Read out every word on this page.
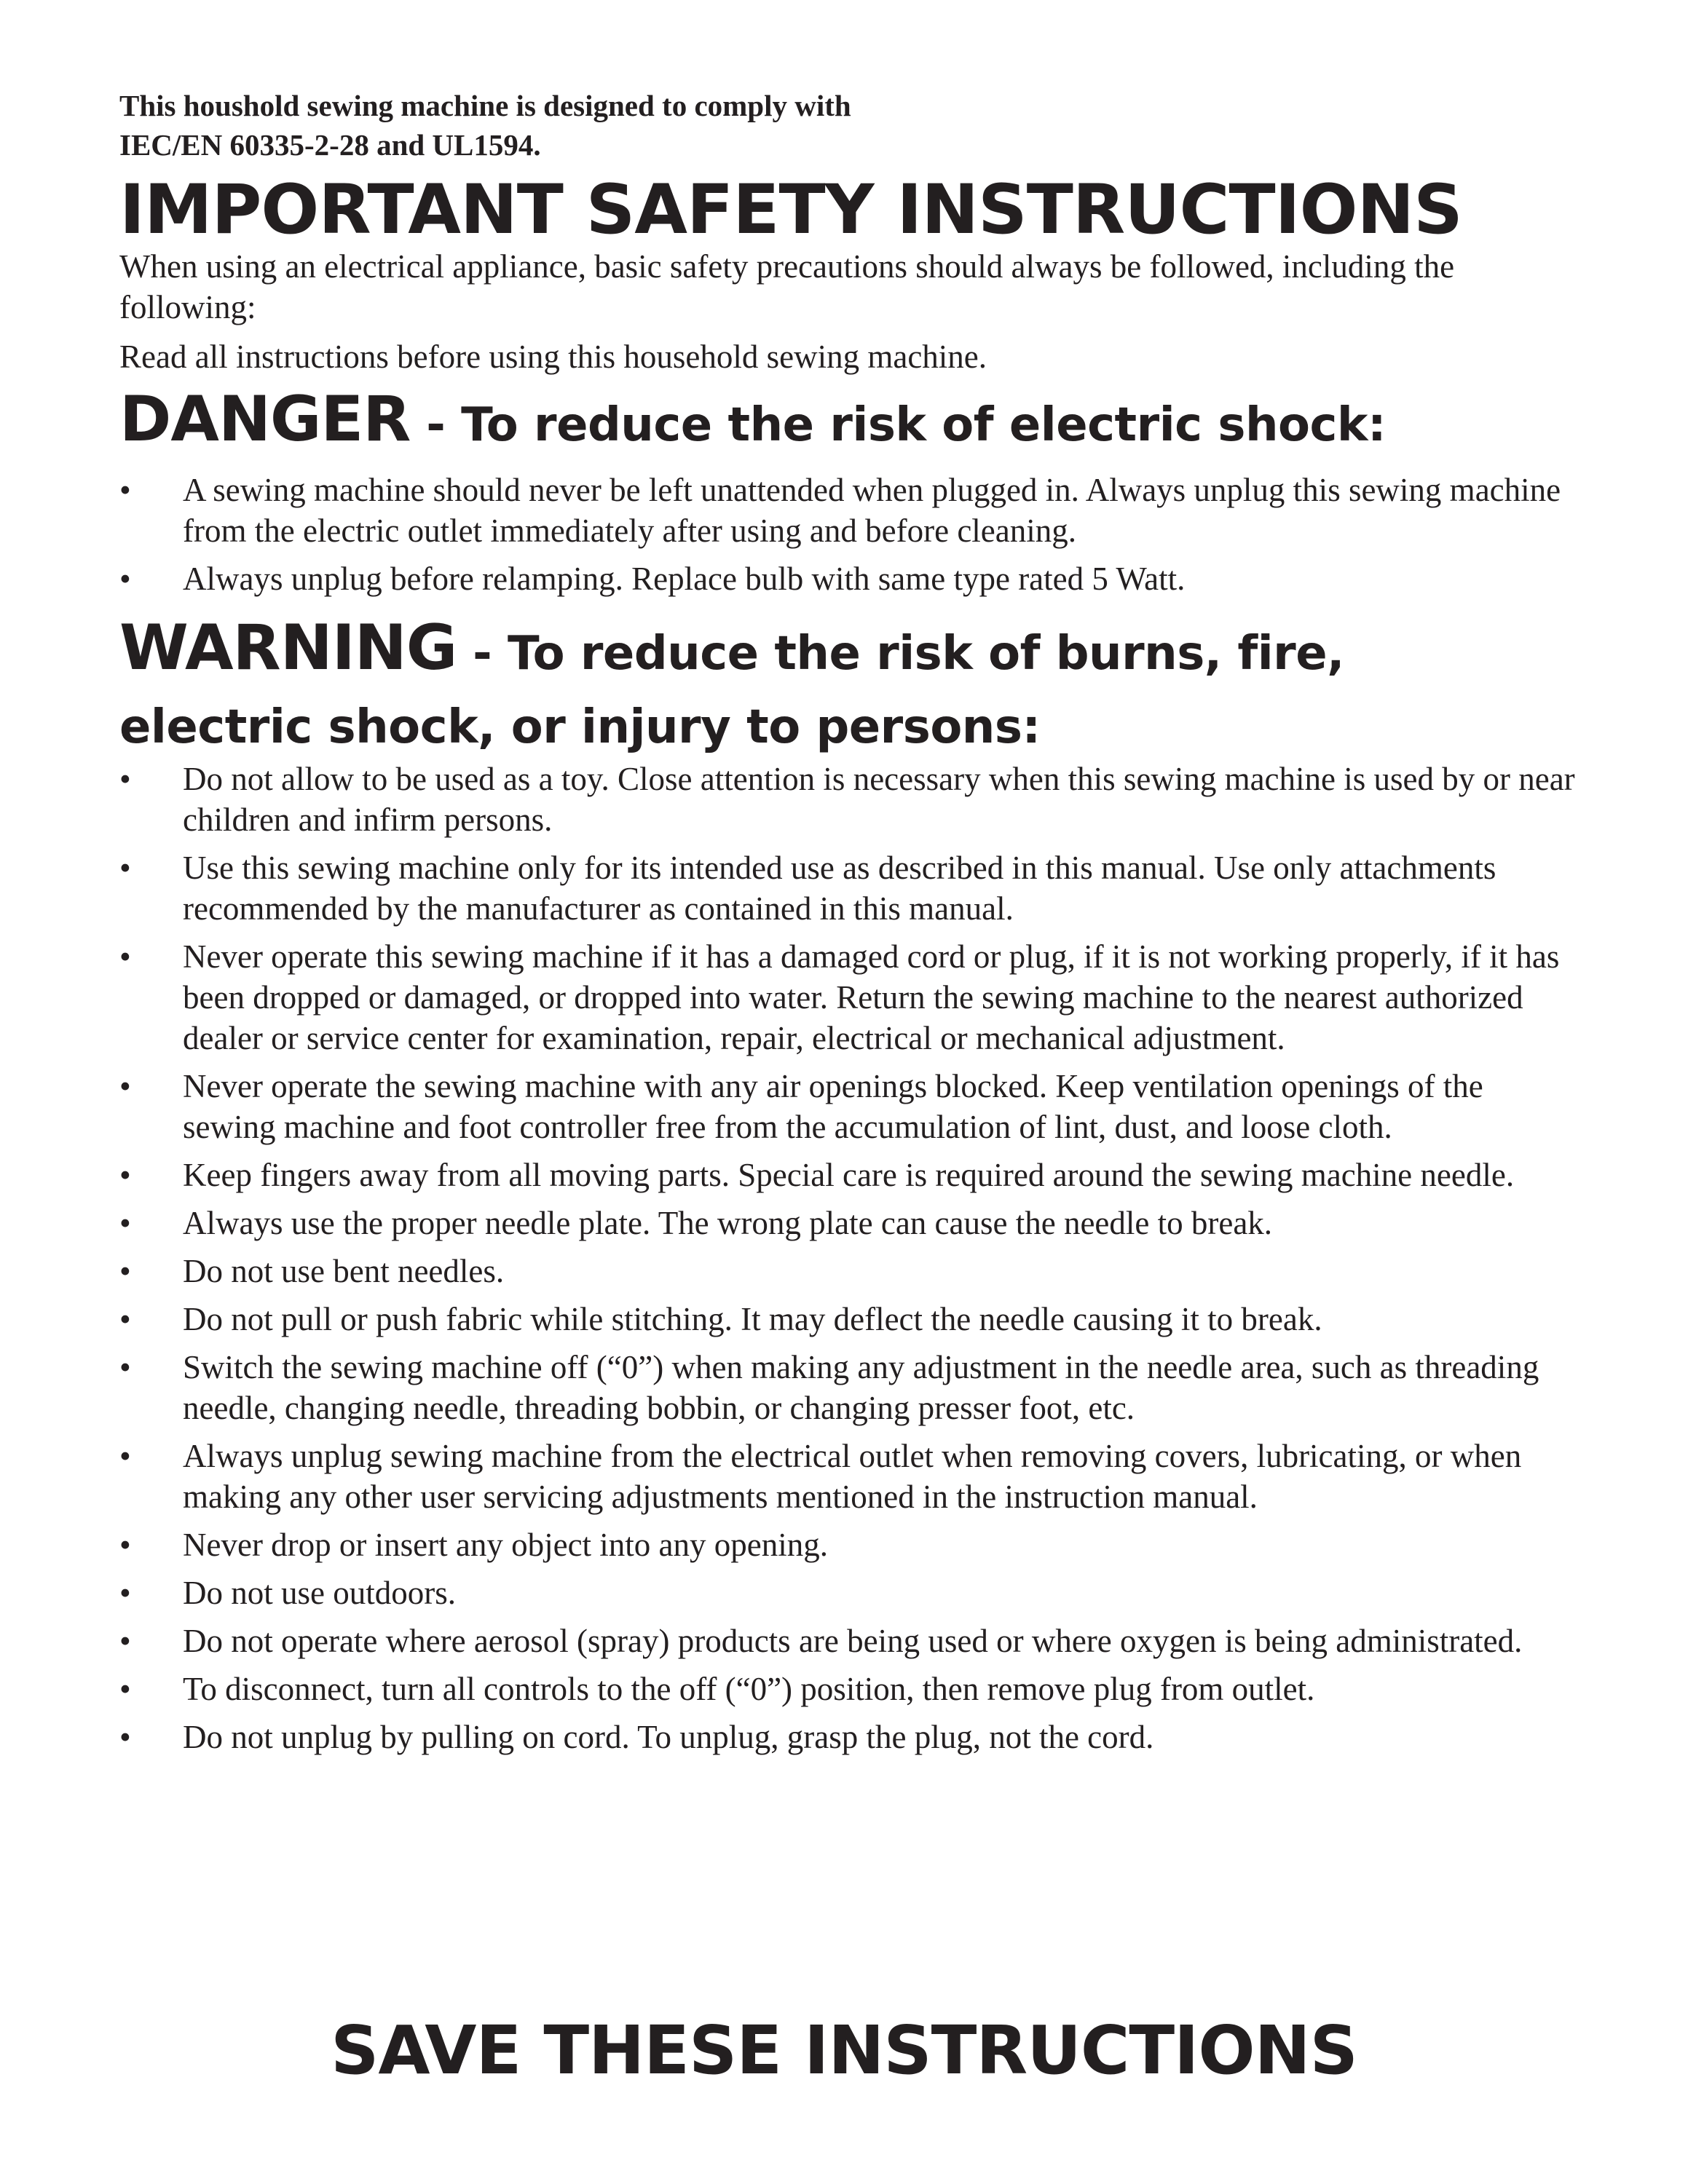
This houshold sewing machine is designed to comply with
IEC/EN 60335-2-28 and UL1594.

IMPORTANT SAFETY INSTRUCTIONS

When using an electrical appliance, basic safety precautions should always be followed, including the following:

Read all instructions before using this household sewing machine.

DANGER - To reduce the risk of electric shock:
• A sewing machine should never be left unattended when plugged in. Always unplug this sewing machine from the electric outlet immediately after using and before cleaning.
• Always unplug before relamping. Replace bulb with same type rated 5 Watt.
WARNING - To reduce the risk of burns, fire,

electric shock, or injury to persons:

• Do not allow to be used as a toy. Close attention is necessary when this sewing machine is used by or near children and infirm persons.
• Use this sewing machine only for its intended use as described in this manual. Use only attachments recommended by the manufacturer as contained in this manual.
• Never operate this sewing machine if it has a damaged cord or plug, if it is not working properly, if it has been dropped or damaged, or dropped into water. Return the sewing machine to the nearest authorized dealer or service center for examination, repair, electrical or mechanical adjustment.
• Never operate the sewing machine with any air openings blocked. Keep ventilation openings of the sewing machine and foot controller free from the accumulation of lint, dust, and loose cloth.
• Keep fingers away from all moving parts. Special care is required around the sewing machine needle.
• Always use the proper needle plate. The wrong plate can cause the needle to break.
• Do not use bent needles.
• Do not pull or push fabric while stitching. It may deflect the needle causing it to break.
• Switch the sewing machine off (“0”) when making any adjustment in the needle area, such as threading needle, changing needle, threading bobbin, or changing presser foot, etc.
• Always unplug sewing machine from the electrical outlet when removing covers, lubricating, or when making any other user servicing adjustments mentioned in the instruction manual.
• Never drop or insert any object into any opening.
• Do not use outdoors.
• Do not operate where aerosol (spray) products are being used or where oxygen is being administrated.
• To disconnect, turn all controls to the off (“0”) position, then remove plug from outlet.
• Do not unplug by pulling on cord. To unplug, grasp the plug, not the cord.
SAVE THESE INSTRUCTIONS
